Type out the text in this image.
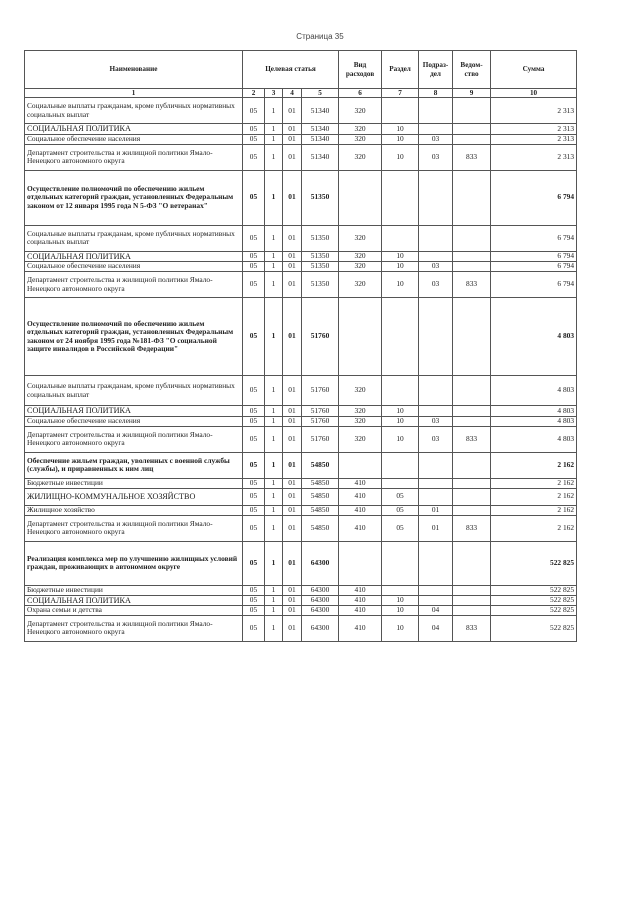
Страница 35
Наименование	Целевая статья				Вид расходов	Раздел	Подраз-дел	Ведом-ство	Сумма
1	2	3	4	5	6	7	8	9	10
Социальные выплаты гражданам, кроме публичных нормативных социальных выплат	05	1	01	51340	320				2 313
СОЦИАЛЬНАЯ ПОЛИТИКА	05	1	01	51340	320	10			2 313
Социальное обеспечение населения	05	1	01	51340	320	10	03		2 313
Департамент строительства и жилищной политики Ямало-Ненецкого автономного округа	05	1	01	51340	320	10	03	833	2 313
Осуществление полномочий по обеспечению жильем отдельных категорий граждан, установленных Федеральным законом от 12 января 1995 года N 5-ФЗ "О ветеранах"	05	1	01	51350					6 794
Социальные выплаты гражданам, кроме публичных нормативных социальных выплат	05	1	01	51350	320				6 794
СОЦИАЛЬНАЯ ПОЛИТИКА	05	1	01	51350	320	10			6 794
Социальное обеспечение населения	05	1	01	51350	320	10	03		6 794
Департамент строительства и жилищной политики Ямало-Ненецкого автономного округа	05	1	01	51350	320	10	03	833	6 794
Осуществление полномочий по обеспечению жильем отдельных категорий граждан, установленных Федеральным законом от 24 ноября 1995 года №181-ФЗ "О социальной защите инвалидов в Российской Федерации"	05	1	01	51760					4 803
Социальные выплаты гражданам, кроме публичных нормативных социальных выплат	05	1	01	51760	320				4 803
СОЦИАЛЬНАЯ ПОЛИТИКА	05	1	01	51760	320	10			4 803
Социальное обеспечение населения	05	1	01	51760	320	10	03		4 803
Департамент строительства и жилищной политики Ямало-Ненецкого автономного округа	05	1	01	51760	320	10	03	833	4 803
Обеспечение жильем граждан, уволенных с военной службы (службы), и приравненных к ним лиц	05	1	01	54850					2 162
Бюджетные инвестиции	05	1	01	54850	410				2 162
ЖИЛИЩНО-КОММУНАЛЬНОЕ ХОЗЯЙСТВО	05	1	01	54850	410	05			2 162
Жилищное хозяйство	05	1	01	54850	410	05	01		2 162
Департамент строительства и жилищной политики Ямало-Ненецкого автономного округа	05	1	01	54850	410	05	01	833	2 162
Реализация комплекса мер по улучшению жилищных условий граждан, проживающих в автономном округе	05	1	01	64300					522 825
Бюджетные инвестиции	05	1	01	64300	410				522 825
СОЦИАЛЬНАЯ ПОЛИТИКА	05	1	01	64300	410	10			522 825
Охрана семьи и детства	05	1	01	64300	410	10	04		522 825
Департамент строительства и жилищной политики Ямало-Ненецкого автономного округа	05	1	01	64300	410	10	04	833	522 825
